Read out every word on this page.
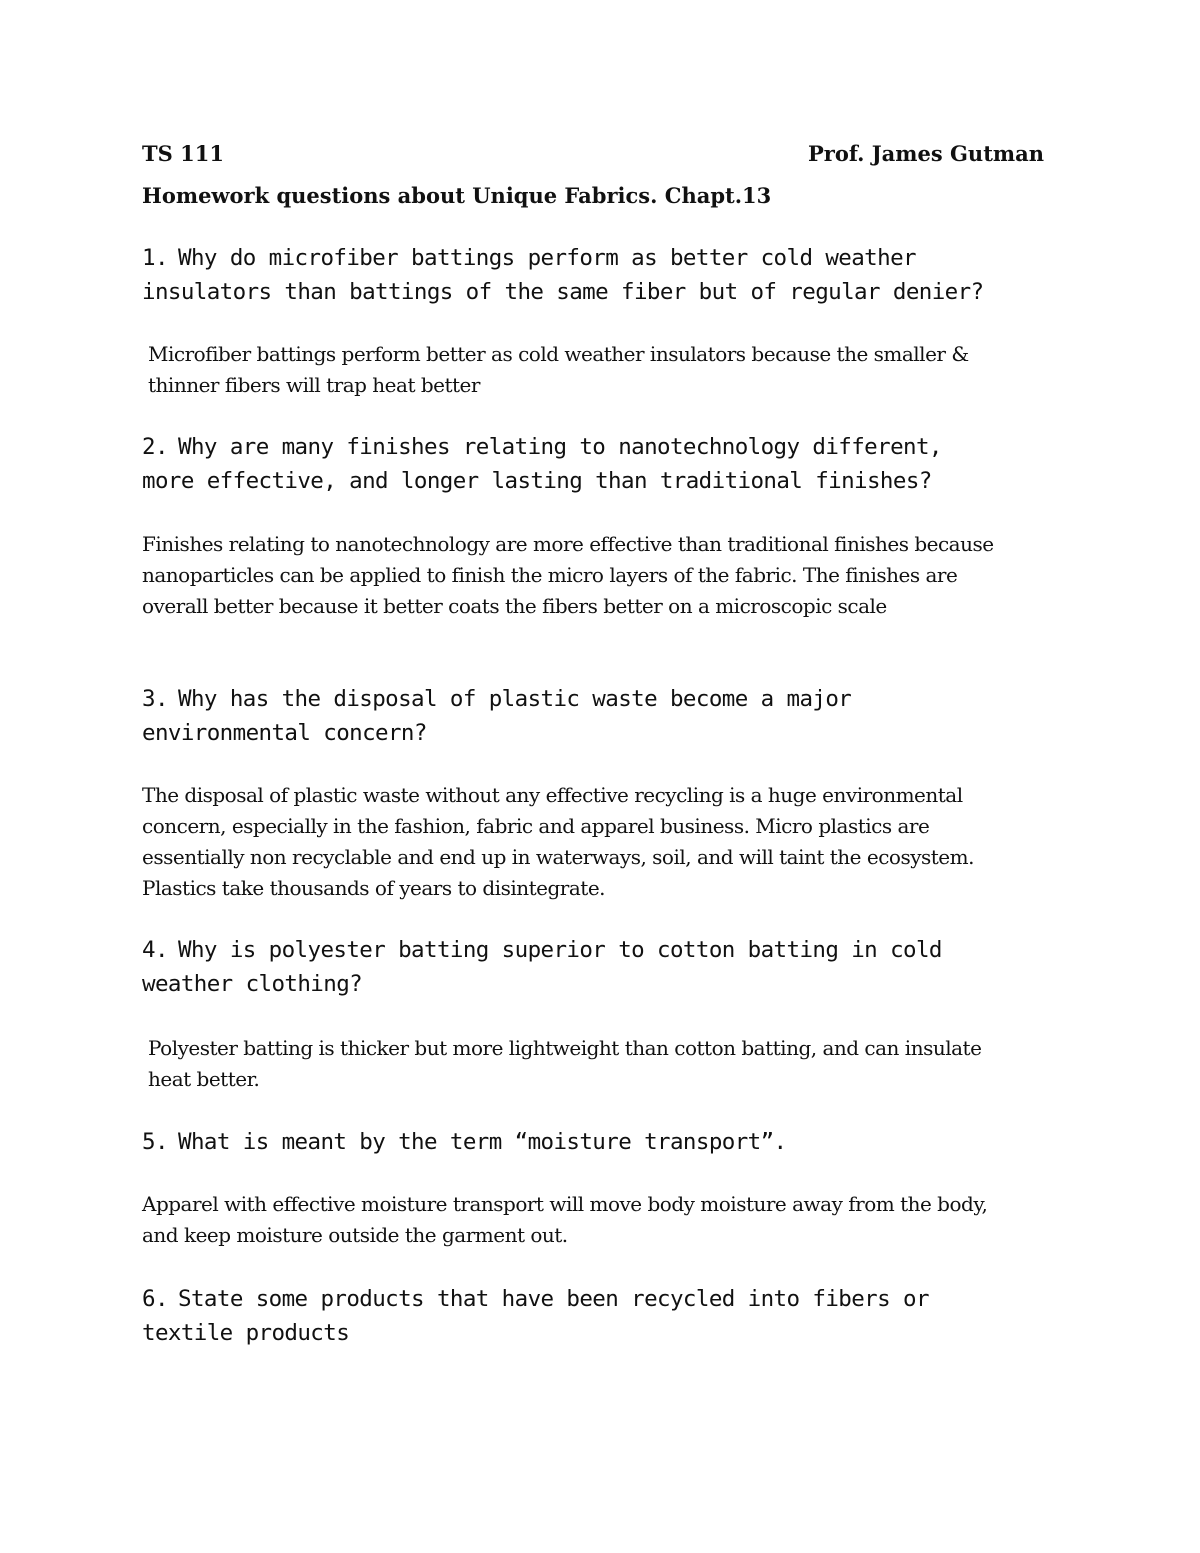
TS 111	Prof. James Gutman
Homework questions about Unique Fabrics. Chapt.13
1. Why do microfiber battings perform as better cold weather insulators than battings of the same fiber but of regular denier?
Microfiber battings perform better as cold weather insulators because the smaller & thinner fibers will trap heat better
2. Why are many finishes relating to nanotechnology different, more effective, and longer lasting than traditional finishes?
Finishes relating to nanotechnology are more effective than traditional finishes because nanoparticles can be applied to finish the micro layers of the fabric. The finishes are overall better because it better coats the fibers better on a microscopic scale
3. Why has the disposal of plastic waste become a major environmental concern?
The disposal of plastic waste without any effective recycling is a huge environmental concern, especially in the fashion, fabric and apparel business. Micro plastics are essentially non recyclable and end up in waterways, soil, and will taint the ecosystem. Plastics take thousands of years to disintegrate.
4. Why is polyester batting superior to cotton batting in cold weather clothing?
Polyester batting is thicker but more lightweight than cotton batting, and can insulate heat better.
5. What is meant by the term “moisture transport”.
Apparel with effective moisture transport will move body moisture away from the body, and keep moisture outside the garment out.
6. State some products that have been recycled into fibers or textile products
